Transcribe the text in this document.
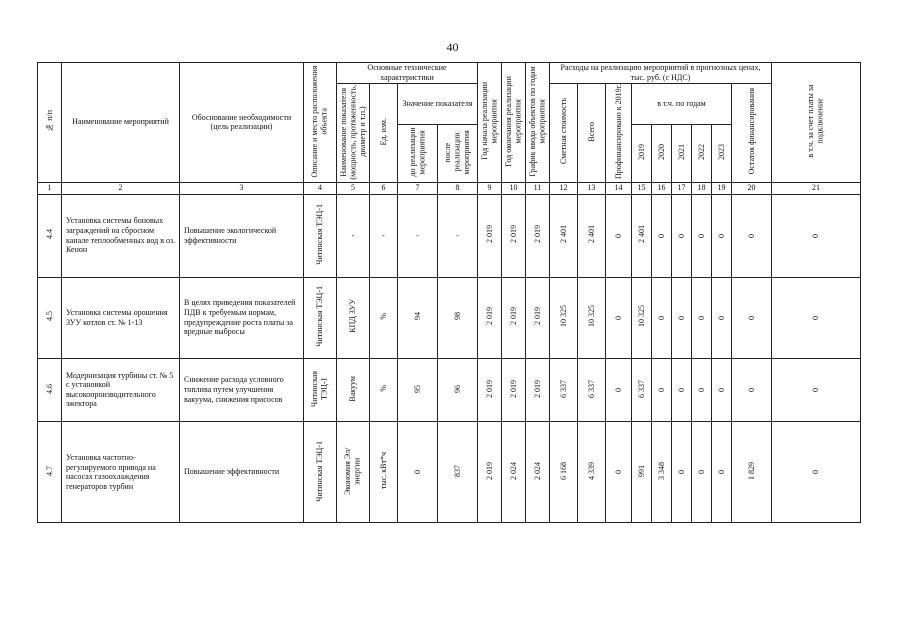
40
№ п/п	Наименование мероприятий	Обоснование необходимости (цель реализации)	Описание и место расположения объекта	Основные технические характеристики				Год начала реализации мероприятия	Год окончания реализации мероприятия	График ввода объектов по годам мероприятия	Расходы на реализацию мероприятий в прогнозных ценах, тыс. руб. (с НДС)									в т.ч. за счет платы за подключение
				Наименование показателя (мощность, протяженность, диаметр и т.п.)	Ед. изм.	Значение показателя					Сметная стоимость	Всего	Профинансировано к 2019г.	в т.ч. по годам					Остаток финансирования	
						до реализации мероприятия	после реализации мероприятия							2019	2020	2021	2022	2023		

1	2	3	4	5	6	7	8	9	10	11	12	13	14	15	16	17	18	19	20	21
4.4	Установка системы боновых заграждений на сбросном канале теплообменных вод в оз. Кенон	Повышение экологической эффективности	Читинская ТЭЦ-1	-	-	-	-	2 019	2 019	2 019	2 401	2 401	0	2 401	0	0	0	0	0	0
4.5	Установка системы орошения ЗУУ котлов ст. № 1-13	В целях приведения показателей ПДВ к требуемым нормам, предупреждение роста платы за вредные выбросы	Читинская ТЭЦ-1	КПД ЗУУ	%	94	98	2 019	2 019	2 019	10 325	10 325	0	10 325	0	0	0	0	0	0
4.6	Модернизация турбины ст. № 5 с установкой высокопроизводительного эжектора	Снижение расхода условного топлива путем улучшения вакуума, снижения присосов	Читинская ТЭЦ-1	Вакуум	%	95	96	2 019	2 019	2 019	6 337	6 337	0	6 337	0	0	0	0	0	0
4.7	Установка частотно-регулируемого привода на насосах газоохлаждения генераторов турбин	Повышение эффективности	Читинская ТЭЦ-1	Экономия Эл/энергии	тыс. кВт*ч	0	837	2 019	2 024	2 024	6 168	4 339	0	991	3 348	0	0	0	1 829	0
